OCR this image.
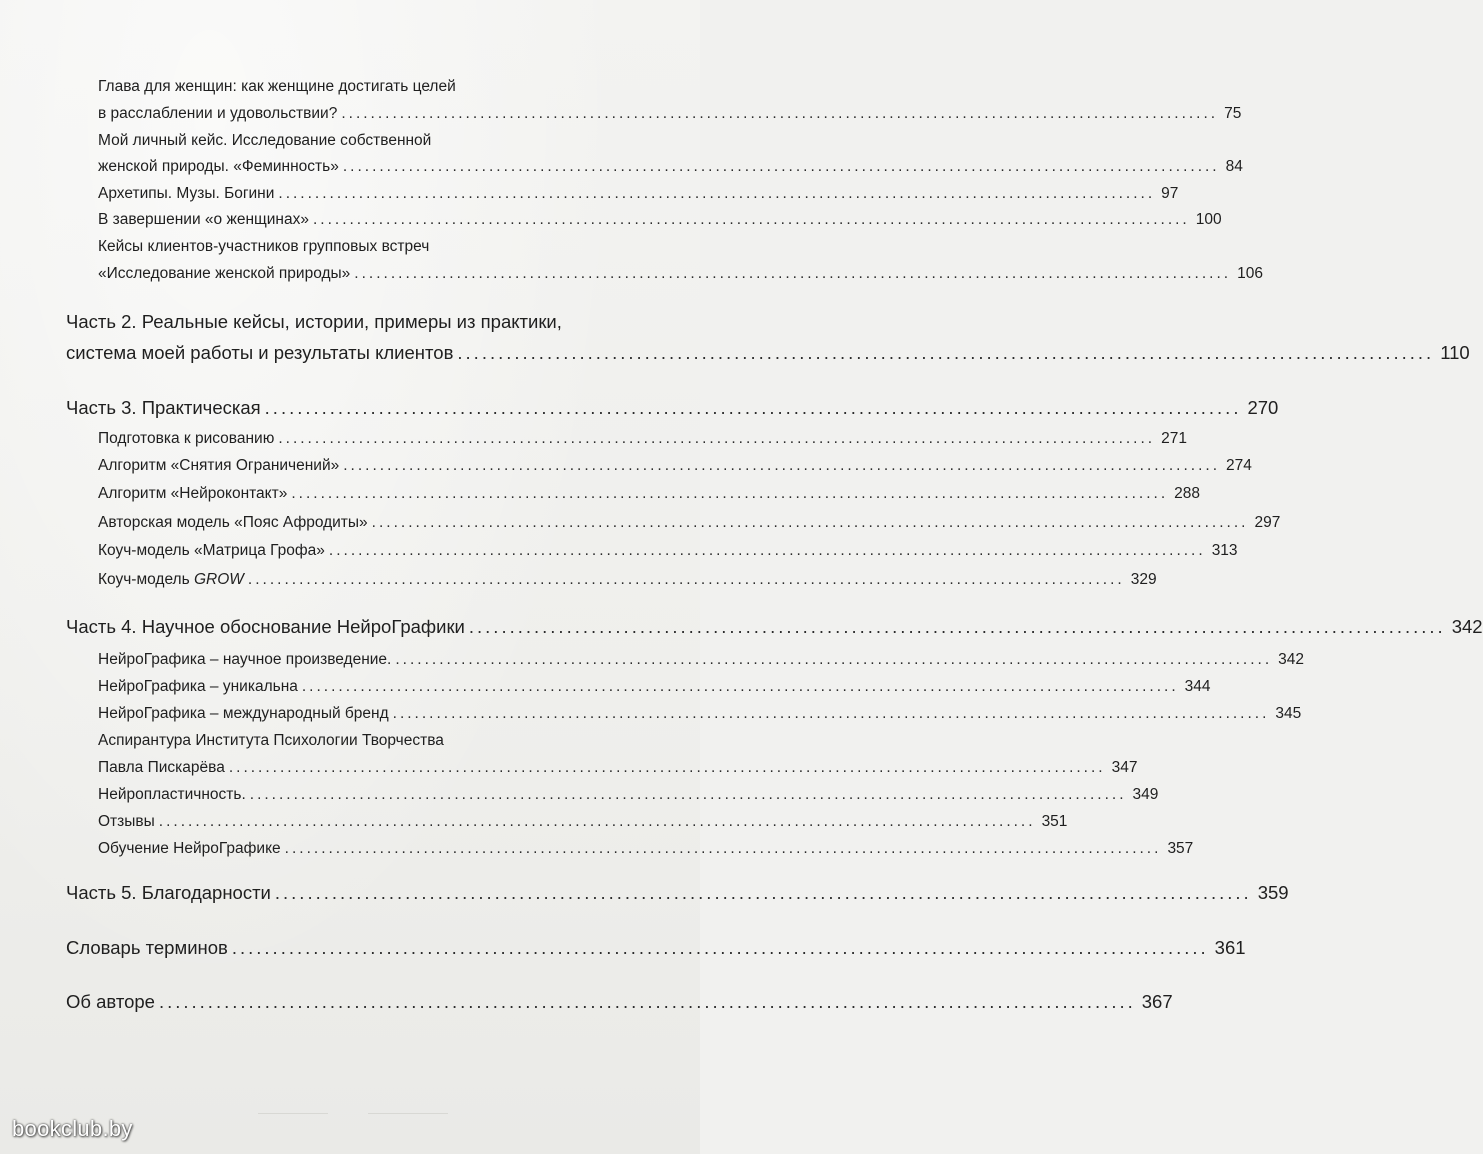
Глава для женщин: как женщине достигать целей
в расслаблении и удовольствии? ........................................................................................................................ 75
Мой личный кейс. Исследование собственной
женской природы. «Феминность» ........................................................................................................................ 84
Архетипы. Музы. Богини ........................................................................................................................ 97
В завершении «о женщинах» ........................................................................................................................ 100
Кейсы клиентов-участников групповых встреч
«Исследование женской природы» ........................................................................................................................ 106
Часть 2. Реальные кейсы, истории, примеры из практики,
система моей работы и результаты клиентов ........................................................................................................................ 110
Часть 3. Практическая ........................................................................................................................ 270
Подготовка к рисованию ........................................................................................................................ 271
Алгоритм «Снятия Ограничений» ........................................................................................................................ 274
Алгоритм «Нейроконтакт» ........................................................................................................................ 288
Авторская модель «Пояс Афродиты» ........................................................................................................................ 297
Коуч-модель «Матрица Грофа» ........................................................................................................................ 313
Коуч-модель GROW ........................................................................................................................ 329
Часть 4. Научное обоснование НейроГрафики ........................................................................................................................ 342
НейроГрафика – научное произведение. ........................................................................................................................ 342
НейроГрафика – уникальна ........................................................................................................................ 344
НейроГрафика – международный бренд ........................................................................................................................ 345
Аспирантура Института Психологии Творчества
Павла Пискарёва ........................................................................................................................ 347
Нейропластичность. ........................................................................................................................ 349
Отзывы ........................................................................................................................ 351
Обучение НейроГрафике ........................................................................................................................ 357
Часть 5. Благодарности ........................................................................................................................ 359
Словарь терминов ........................................................................................................................ 361
Об авторе ........................................................................................................................ 367
bookclub.by
